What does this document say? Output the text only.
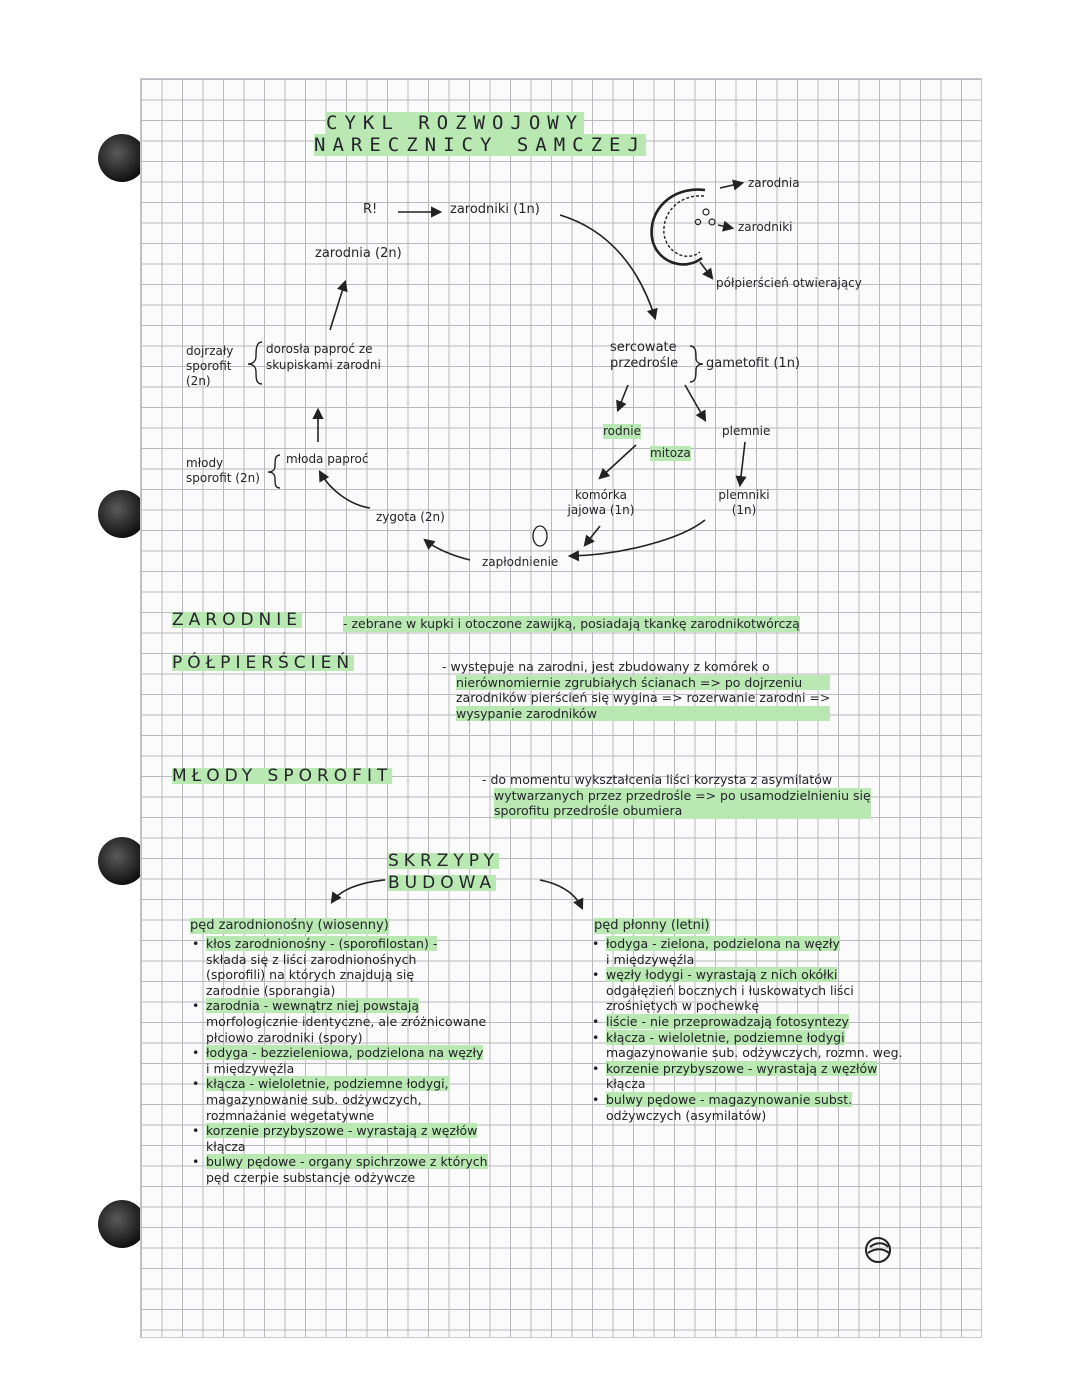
CYKL ROZWOJOWY
NARECZNICY SAMCZEJ
R!	zarodniki (1n)
zarodnia (2n)
zarodnia
zarodniki
półpierścień otwierający
dojrzały sporofit (2n)
dorosła paproć ze
skupiskami zarodni
młody sporofit (2n)
młoda paproć
sercowate przedrośle	gametofit (1n)
rodnie	plemnie
mitoza
komórka jajowa (1n)
plemniki (1n)
zygota (2n)
zapłodnienie
ZARODNIE	- zebrane w kupki i otoczone zawijką, posiadają tkankę zarodnikotwórczą
PÓŁPIERŚCIEŃ	- występuje na zarodni, jest zbudowany z komórek o
nierównomiernie zgrubiałych ścianach => po dojrzeniu
zarodników pierścień się wygina => rozerwanie zarodni =>
wysypanie zarodników
MŁODY SPOROFIT	- do momentu wykształcenia liści korzysta z asymilatów
wytwarzanych przez przedrośle => po usamodzielnieniu się
sporofitu przedrośle obumiera
SKRZYPY
BUDOWA
pęd zarodnionośny (wiosenny)
• kłos zarodnionośny - (sporofilostan) -
składa się z liści zarodnionośnych
(sporofili) na których znajdują się
zarodnie (sporangia)
• zarodnia - wewnątrz niej powstają
morfologicznie identyczne, ale zróżnicowane
płciowo zarodniki (spory)
• łodyga - bezzieleniowa, podzielona na węzły
i międzywęźla
• kłącza - wieloletnie, podziemne łodygi,
magazynowanie sub. odżywczych,
rozmnażanie wegetatywne
• korzenie przybyszowe - wyrastają z węzłów
kłącza
• bulwy pędowe - organy spichrzowe z których
pęd czerpie substancje odżywcze
pęd płonny (letni)
• łodyga - zielona, podzielona na węzły
i międzywęźla
• węzły łodygi - wyrastają z nich okółki
odgałęzień bocznych i łuskowatych liści
zrośniętych w pochewkę
• liście - nie przeprowadzają fotosyntezy
• kłącza - wieloletnie, podziemne łodygi
magazynowanie sub. odżywczych, rozmn. weg.
• korzenie przybyszowe - wyrastają z węzłów
kłącza
• bulwy pędowe - magazynowanie subst.
odżywczych (asymilatów)
